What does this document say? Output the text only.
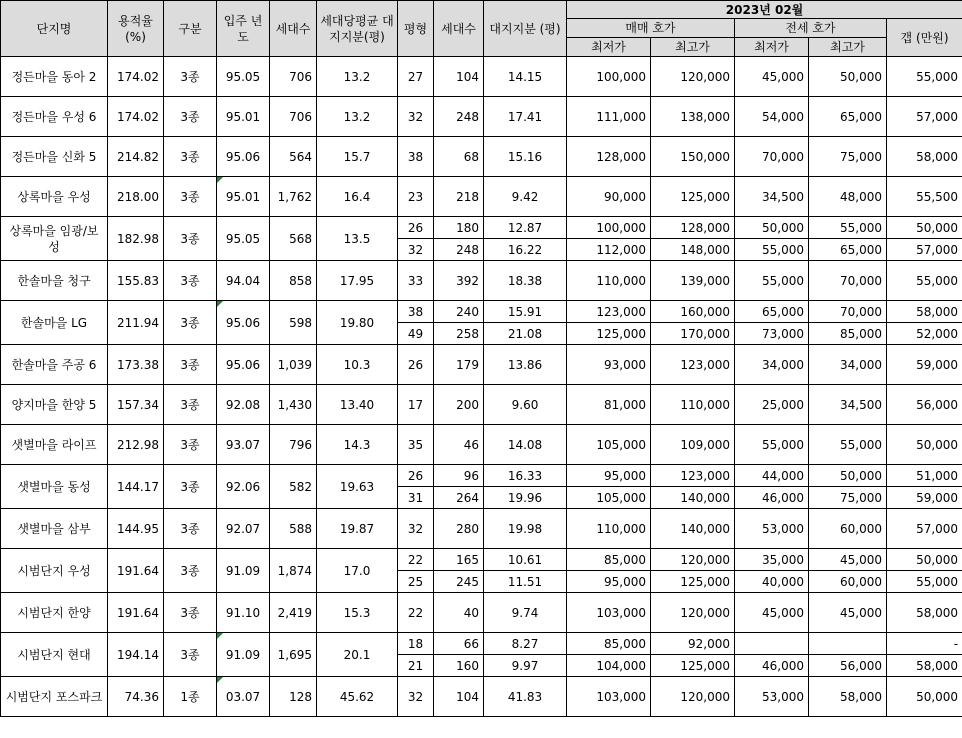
단지명	용적율 (%)	구분	입주 년도	세대수	세대당평균 대지지분(평)	평형	세대수	대지지분 (평)	2023년 02월				
									매매 호가		전세 호가		갭 (만원)
									최저가	최고가	최저가	최고가	
정든마을 동아 2	174.02	3종	95.05	706	13.2	27	104	14.15	100,000	120,000	45,000	50,000	55,000
정든마을 우성 6	174.02	3종	95.01	706	13.2	32	248	17.41	111,000	138,000	54,000	65,000	57,000
정든마을 신화 5	214.82	3종	95.06	564	15.7	38	68	15.16	128,000	150,000	70,000	75,000	58,000
상록마을 우성	218.00	3종	95.01	1,762	16.4	23	218	9.42	90,000	125,000	34,500	48,000	55,500
상록마을 임광/보성	182.98	3종	95.05	568	13.5	26	180	12.87	100,000	128,000	50,000	55,000	50,000
						32	248	16.22	112,000	148,000	55,000	65,000	57,000
한솔마을 청구	155.83	3종	94.04	858	17.95	33	392	18.38	110,000	139,000	55,000	70,000	55,000
한솔마을 LG	211.94	3종	95.06	598	19.80	38	240	15.91	123,000	160,000	65,000	70,000	58,000
						49	258	21.08	125,000	170,000	73,000	85,000	52,000
한솔마을 주공 6	173.38	3종	95.06	1,039	10.3	26	179	13.86	93,000	123,000	34,000	34,000	59,000
양지마을 한양 5	157.34	3종	92.08	1,430	13.40	17	200	9.60	81,000	110,000	25,000	34,500	56,000
샛별마을 라이프	212.98	3종	93.07	796	14.3	35	46	14.08	105,000	109,000	55,000	55,000	50,000
샛별마을 동성	144.17	3종	92.06	582	19.63	26	96	16.33	95,000	123,000	44,000	50,000	51,000
						31	264	19.96	105,000	140,000	46,000	75,000	59,000
샛별마을 삼부	144.95	3종	92.07	588	19.87	32	280	19.98	110,000	140,000	53,000	60,000	57,000
시범단지 우성	191.64	3종	91.09	1,874	17.0	22	165	10.61	85,000	120,000	35,000	45,000	50,000
						25	245	11.51	95,000	125,000	40,000	60,000	55,000
시범단지 한양	191.64	3종	91.10	2,419	15.3	22	40	9.74	103,000	120,000	45,000	45,000	58,000
시범단지 현대	194.14	3종	91.09	1,695	20.1	18	66	8.27	85,000	92,000			-
						21	160	9.97	104,000	125,000	46,000	56,000	58,000
시범단지 포스파크	74.36	1종	03.07	128	45.62	32	104	41.83	103,000	120,000	53,000	58,000	50,000
